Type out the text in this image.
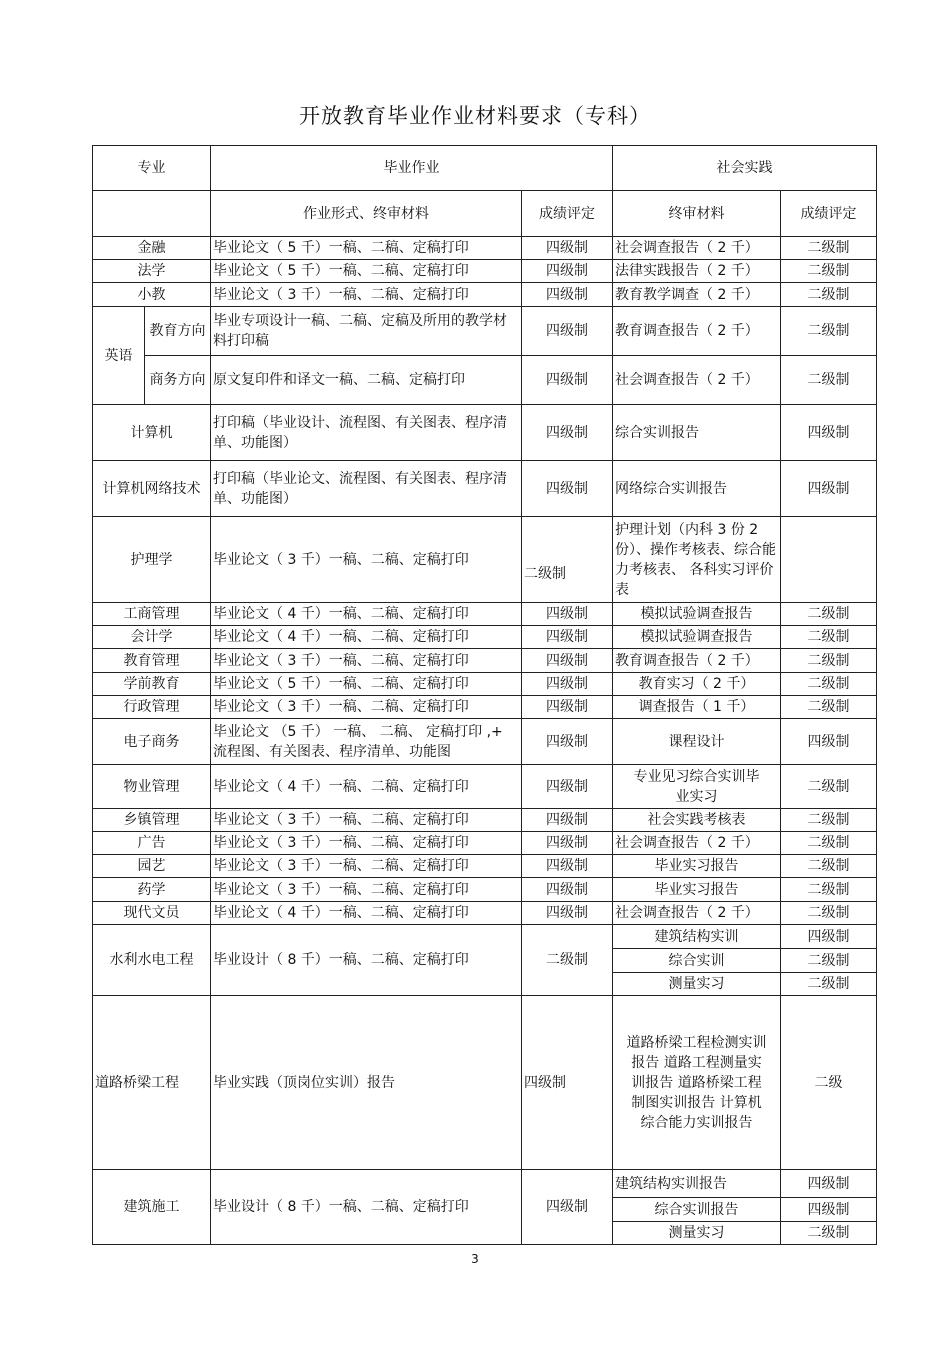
开放教育毕业作业材料要求（专科）
专业		毕业作业		社会实践	
		作业形式、终审材料	成绩评定	终审材料	成绩评定
金融		毕业论文（ 5 千）一稿、二稿、定稿打印	四级制	社会调查报告（ 2 千）	二级制
法学		毕业论文（ 5 千）一稿、二稿、定稿打印	四级制	法律实践报告（ 2 千）	二级制
小教		毕业论文（ 3 千）一稿、二稿、定稿打印	四级制	教育教学调查（ 2 千）	二级制
英语	教育方向	毕业专项设计一稿、二稿、定稿及所用的教学材料打印稿	四级制	教育调查报告（ 2 千）	二级制
	商务方向	原文复印件和译文一稿、二稿、定稿打印	四级制	社会调查报告（ 2 千）	二级制
计算机		打印稿（毕业设计、流程图、有关图表、程序清单、功能图）	四级制	综合实训报告	四级制
计算机网络技术		打印稿（毕业论文、流程图、有关图表、程序清单、功能图）	四级制	网络综合实训报告	四级制
护理学		毕业论文（ 3 千）一稿、二稿、定稿打印	二级制	护理计划（内科 3 份 2 份）、操作考核表、综合能力考核表、 各科实习评价表	
工商管理		毕业论文（ 4 千）一稿、二稿、定稿打印	四级制	模拟试验调查报告	二级制
会计学		毕业论文（ 4 千）一稿、二稿、定稿打印	四级制	模拟试验调查报告	二级制
教育管理		毕业论文（ 3 千）一稿、二稿、定稿打印	四级制	教育调查报告（ 2 千）	二级制
学前教育		毕业论文（ 5 千）一稿、二稿、定稿打印	四级制	教育实习（ 2 千）	二级制
行政管理		毕业论文（ 3 千）一稿、二稿、定稿打印	四级制	调查报告（ 1 千）	二级制
电子商务		毕业论文 （5 千） 一稿、 二稿、 定稿打印 ,+ 流程图、有关图表、程序清单、功能图	四级制	课程设计	四级制
物业管理		毕业论文（ 4 千）一稿、二稿、定稿打印	四级制	专业见习综合实训毕业实习	二级制
乡镇管理		毕业论文（ 3 千）一稿、二稿、定稿打印	四级制	社会实践考核表	二级制
广告		毕业论文（ 3 千）一稿、二稿、定稿打印	四级制	社会调查报告（ 2 千）	二级制
园艺		毕业论文（ 3 千）一稿、二稿、定稿打印	四级制	毕业实习报告	二级制
药学		毕业论文（ 3 千）一稿、二稿、定稿打印	四级制	毕业实习报告	二级制
现代文员		毕业论文（ 4 千）一稿、二稿、定稿打印	四级制	社会调查报告（ 2 千）	二级制
水利水电工程		毕业设计（ 8 千）一稿、二稿、定稿打印	二级制	建筑结构实训	四级制
				综合实训	二级制
				测量实习	二级制
道路桥梁工程		毕业实践（顶岗位实训）报告	四级制	道路桥梁工程检测实训报告 道路工程测量实训报告 道路桥梁工程制图实训报告 计算机综合能力实训报告	二级
建筑施工		毕业设计（ 8 千）一稿、二稿、定稿打印	四级制	建筑结构实训报告	四级制
				综合实训报告	四级制
				测量实习	二级制
3
